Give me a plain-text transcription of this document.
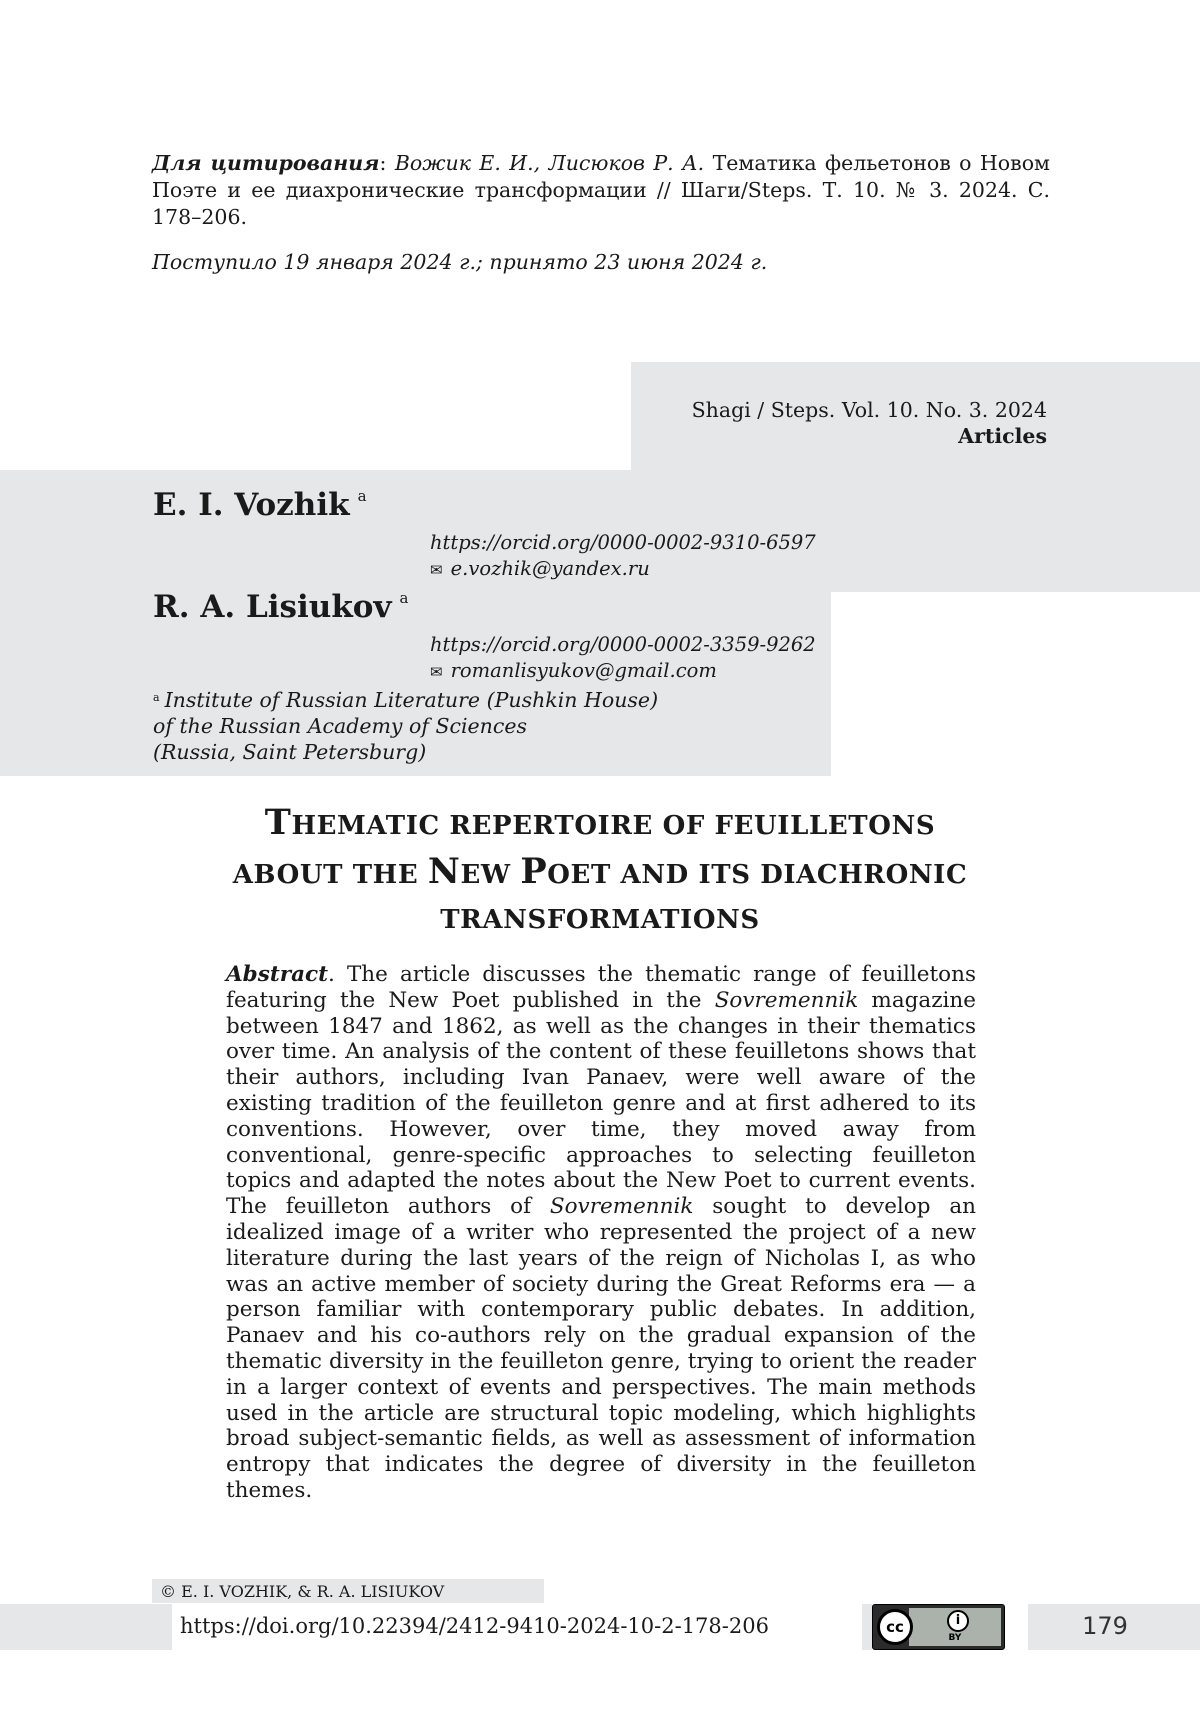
Для цитирования: Вожик Е. И., Лисюков Р. А. Тематика фельетонов о Новом Поэте и ее диахронические трансформации // Шаги/Steps. Т. 10. № 3. 2024. С. 178–206.
Поступило 19 января 2024 г.; принято 23 июня 2024 г.
Shagi / Steps. Vol. 10. No. 3. 2024
Articles
E. I. Vozhik $^a$
https://orcid.org/0000-0002-9310-6597
✉ e.vozhik@yandex.ru
R. A. Lisiukov $^a$
https://orcid.org/0000-0002-3359-9262
✉ romanlisyukov@gmail.com
$^a$ Institute of Russian Literature (Pushkin House)
of the Russian Academy of Sciences
(Russia, Saint Petersburg)
THEMATIC REPERTOIRE OF FEUILLETONS
ABOUT THE NEW POET AND ITS DIACHRONIC
TRANSFORMATIONS
Abstract. The article discusses the thematic range of feuilletons featuring the New Poet published in the Sovremennik magazine between 1847 and 1862, as well as the changes in their thematics over time. An analysis of the content of these feuilletons shows that their authors, including Ivan Panaev, were well aware of the existing tradition of the feuilleton genre and at first adhered to its conventions. However, over time, they moved away from conventional, genre-specific approaches to selecting feuilleton topics and adapted the notes about the New Poet to current events. The feuilleton authors of Sovremennik sought to develop an idealized image of a writer who represented the project of a new literature during the last years of the reign of Nicholas I, as who was an active member of society during the Great Reforms era — a person familiar with contemporary public debates. In addition, Panaev and his co-authors rely on the gradual expansion of the thematic diversity in the feuilleton genre, trying to orient the reader in a larger context of events and perspectives. The main methods used in the article are structural topic modeling, which highlights broad subject-semantic fields, as well as assessment of information entropy that indicates the degree of diversity in the feuilleton themes.
© E. I. VOZHIK, & R. A. LISIUKOV
https://doi.org/10.22394/2412-9410-2024-10-2-178-206	i
BY
cc	179
